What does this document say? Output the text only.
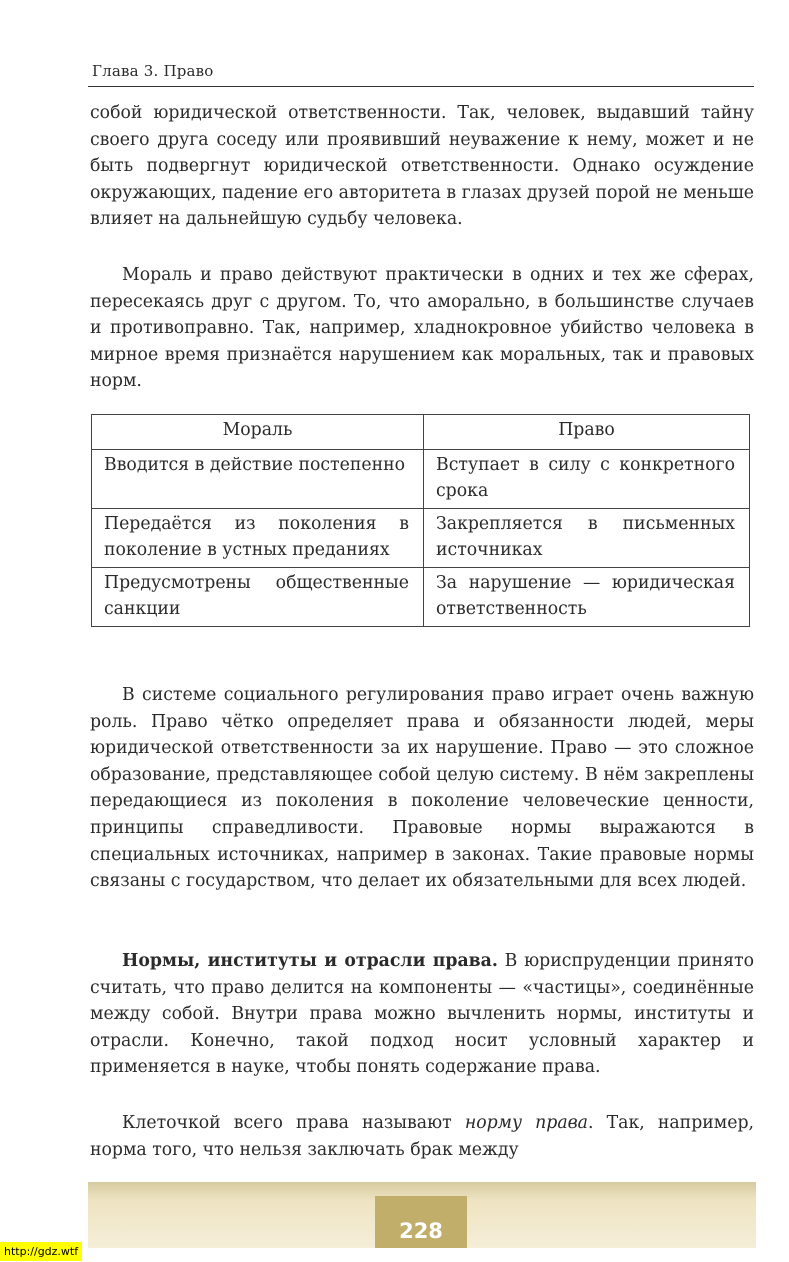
Глава 3. Право

собой юридической ответственности. Так, человек, выдавший тайну своего друга соседу или проявивший неуважение к нему, может и не быть подвергнут юридической ответственности. Однако осуждение окружающих, падение его авторитета в глазах друзей порой не меньше влияет на дальнейшую судьбу человека.

Мораль и право действуют практически в одних и тех же сферах, пересекаясь друг с другом. То, что аморально, в большинстве случаев и противоправно. Так, например, хладнокровное убийство человека в мирное время признаётся нарушением как моральных, так и правовых норм.

Мораль	Право
Вводится в действие постепенно	Вступает в силу с конкретного срока
Передаётся из поколения в поколение в устных преданиях	Закрепляется в письменных источниках
Предусмотрены общественные санкции	За нарушение — юридическая ответственность

В системе социального регулирования право играет очень важную роль. Право чётко определяет права и обязанности людей, меры юридической ответственности за их нарушение. Право — это сложное образование, представляющее собой целую систему. В нём закреплены передающиеся из поколения в поколение человеческие ценности, принципы справедливости. Правовые нормы выражаются в специальных источниках, например в законах. Такие правовые нормы связаны с государством, что делает их обязательными для всех людей.

Нормы, институты и отрасли права. В юриспруденции принято считать, что право делится на компоненты — «частицы», соединённые между собой. Внутри права можно вычленить нормы, институты и отрасли. Конечно, такой подход носит условный характер и применяется в науке, чтобы понять содержание права.

Клеточкой всего права называют норму права. Так, например, норма того, что нельзя заключать брак между

228
http://gdz.wtf
